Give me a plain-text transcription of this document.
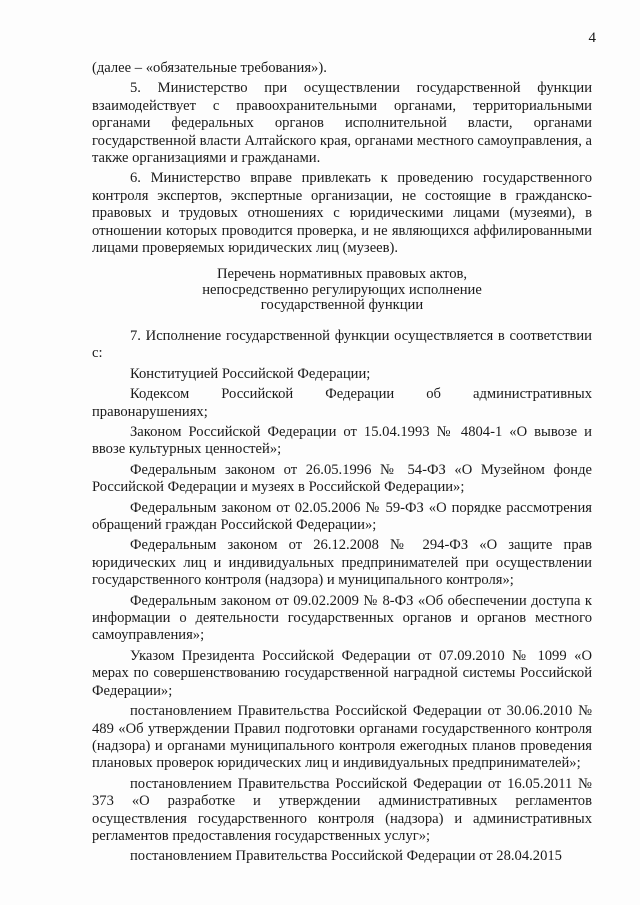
4

(далее – «обязательные требования»).

5. Министерство при осуществлении государственной функции взаимодействует с правоохранительными органами, территориальными органами федеральных органов исполнительной власти, органами государственной власти Алтайского края, органами местного самоуправления, а также организациями и гражданами.

6. Министерство вправе привлекать к проведению государственного контроля экспертов, экспертные организации, не состоящие в гражданско-правовых и трудовых отношениях с юридическими лицами (музеями), в отношении которых проводится проверка, и не являющихся аффилированными лицами проверяемых юридических лиц (музеев).

Перечень нормативных правовых актов,
непосредственно регулирующих исполнение
государственной функции

7. Исполнение государственной функции осуществляется в соответствии с:

Конституцией Российской Федерации;

Кодексом Российской Федерации об административных правонарушениях;

Законом Российской Федерации от 15.04.1993 № 4804-1 «О вывозе и ввозе культурных ценностей»;

Федеральным законом от 26.05.1996 № 54-ФЗ «О Музейном фонде Российской Федерации и музеях в Российской Федерации»;

Федеральным законом от 02.05.2006 № 59-ФЗ «О порядке рассмотрения обращений граждан Российской Федерации»;

Федеральным законом от 26.12.2008 № 294-ФЗ «О защите прав юридических лиц и индивидуальных предпринимателей при осуществлении государственного контроля (надзора) и муниципального контроля»;

Федеральным законом от 09.02.2009 № 8-ФЗ «Об обеспечении доступа к информации о деятельности государственных органов и органов местного самоуправления»;

Указом Президента Российской Федерации от 07.09.2010 № 1099 «О мерах по совершенствованию государственной наградной системы Российской Федерации»;

постановлением Правительства Российской Федерации от 30.06.2010 № 489 «Об утверждении Правил подготовки органами государственного контроля (надзора) и органами муниципального контроля ежегодных планов проведения плановых проверок юридических лиц и индивидуальных предпринимателей»;

постановлением Правительства Российской Федерации от 16.05.2011 № 373 «О разработке и утверждении административных регламентов осуществления государственного контроля (надзора) и административных регламентов предоставления государственных услуг»;

постановлением Правительства Российской Федерации от 28.04.2015
